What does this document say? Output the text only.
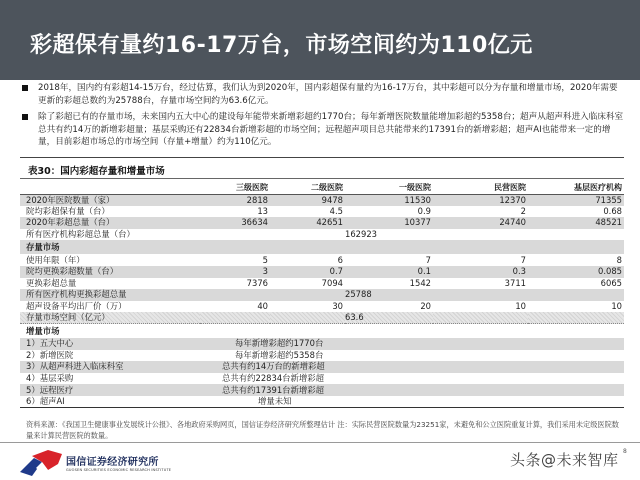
彩超保有量约16-17万台，市场空间约为110亿元
2018年，国内约有彩超14-15万台，经过估算，我们认为到2020年，国内彩超保有量约为16-17万台，其中彩超可以分为存量和增量市场，2020年需要更新的彩超总数约为25788台，存量市场空间约为63.6亿元。
除了彩超已有的存量市场，未来国内五大中心的建设每年能带来新增彩超约1770台；每年新增医院数量能增加彩超约5358台；超声从超声科进入临床科室总共有约14万的新增彩超量；基层采购还有22834台新增彩超的市场空间；远程超声项目总共能带来约17391台的新增彩超；超声AI也能带来一定的增量，目前彩超市场总的市场空间（存量+增量）约为110亿元。
表30：国内彩超存量和增量市场
	三级医院	二级医院	一级医院	民营医院	基层医疗机构
2020年医院数量（家）	2818	9478	11530	12370	71355
院均彩超保有量（台）	13	4.5	0.9	2	0.68
2020年彩超总量（台）	36634	42651	10377	24740	48521
所有医疗机构彩超总量（台）			162923		
存量市场					
使用年限（年）	5	6	7	7	8
院均更换彩超数量（台）	3	0.7	0.1	0.3	0.085
更换彩超总量	7376	7094	1542	3711	6065
所有医疗机构更换彩超总量			25788		
超声设备平均出厂价（万）	40	30	20	10	10
存量市场空间（亿元）			63.6		
增量市场					
1）五大中心	每年新增彩超约1770台				
2）新增医院	每年新增彩超约5358台				
3）从超声科进入临床科室	总共有约14万台的新增彩超				
4）基层采购	总共有约22834台新增彩超				
5）远程医疗	总共有约17391台新增彩超				
6）超声AI	增量未知				
资料来源：《我国卫生健康事业发展统计公报》、各地政府采购网页，国信证券经济研究所整理估计 注：实际民营医院数量为23251家，未避免和公立医院重复计算，我们采用未定级医院数量来计算民营医院的数量。
国信证券经济研究所
GUOSEN SECURITIES ECONOMIC RESEARCH INSTITUTE
头条@未来智库 8
